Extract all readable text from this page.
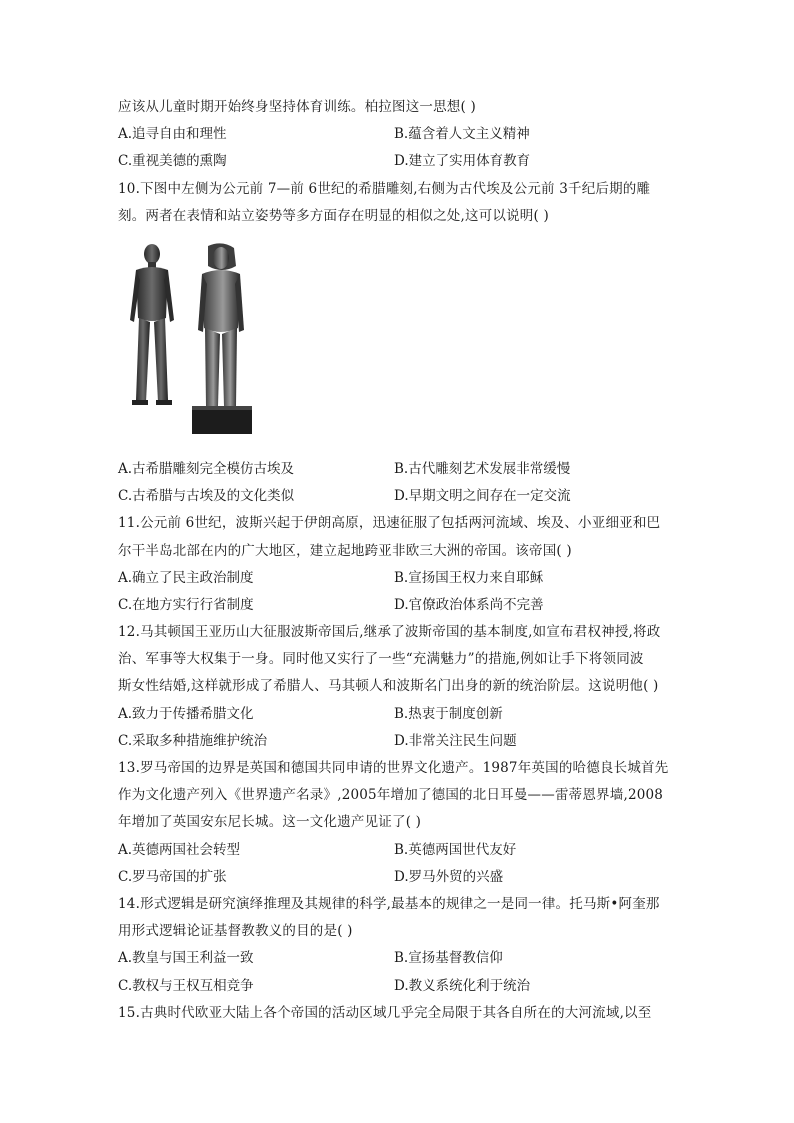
应该从儿童时期开始终身坚持体育训练。柏拉图这一思想( )
A.追寻自由和理性	B.蕴含着人文主义精神
C.重视美德的熏陶	D.建立了实用体育教育
10.下图中左侧为公元前 7—前 6世纪的希腊雕刻,右侧为古代埃及公元前 3千纪后期的雕
刻。两者在表情和站立姿势等多方面存在明显的相似之处,这可以说明( )
A.古希腊雕刻完全模仿古埃及	B.古代雕刻艺术发展非常缓慢
C.古希腊与古埃及的文化类似	D.早期文明之间存在一定交流
11.公元前 6世纪，波斯兴起于伊朗高原，迅速征服了包括两河流域、埃及、小亚细亚和巴
尔干半岛北部在内的广大地区，建立起地跨亚非欧三大洲的帝国。该帝国( )
A.确立了民主政治制度	B.宣扬国王权力来自耶稣
C.在地方实行行省制度	D.官僚政治体系尚不完善
12.马其顿国王亚历山大征服波斯帝国后,继承了波斯帝国的基本制度,如宣布君权神授,将政
治、军事等大权集于一身。同时他又实行了一些“充满魅力”的措施,例如让手下将领同波
斯女性结婚,这样就形成了希腊人、马其顿人和波斯名门出身的新的统治阶层。这说明他( )
A.致力于传播希腊文化	B.热衷于制度创新
C.采取多种措施维护统治	D.非常关注民生问题
13.罗马帝国的边界是英国和德国共同申请的世界文化遗产。1987年英国的哈德良长城首先
作为文化遗产列入《世界遗产名录》,2005年增加了德国的北日耳曼——雷蒂恩界墙,2008
年增加了英国安东尼长城。这一文化遗产见证了( )
A.英德两国社会转型	B.英德两国世代友好
C.罗马帝国的扩张	D.罗马外贸的兴盛
14.形式逻辑是研究演绎推理及其规律的科学,最基本的规律之一是同一律。托马斯•阿奎那
用形式逻辑论证基督教教义的目的是( )
A.教皇与国王利益一致	B.宣扬基督教信仰
C.教权与王权互相竞争	D.教义系统化利于统治
15.古典时代欧亚大陆上各个帝国的活动区域几乎完全局限于其各自所在的大河流域,以至
